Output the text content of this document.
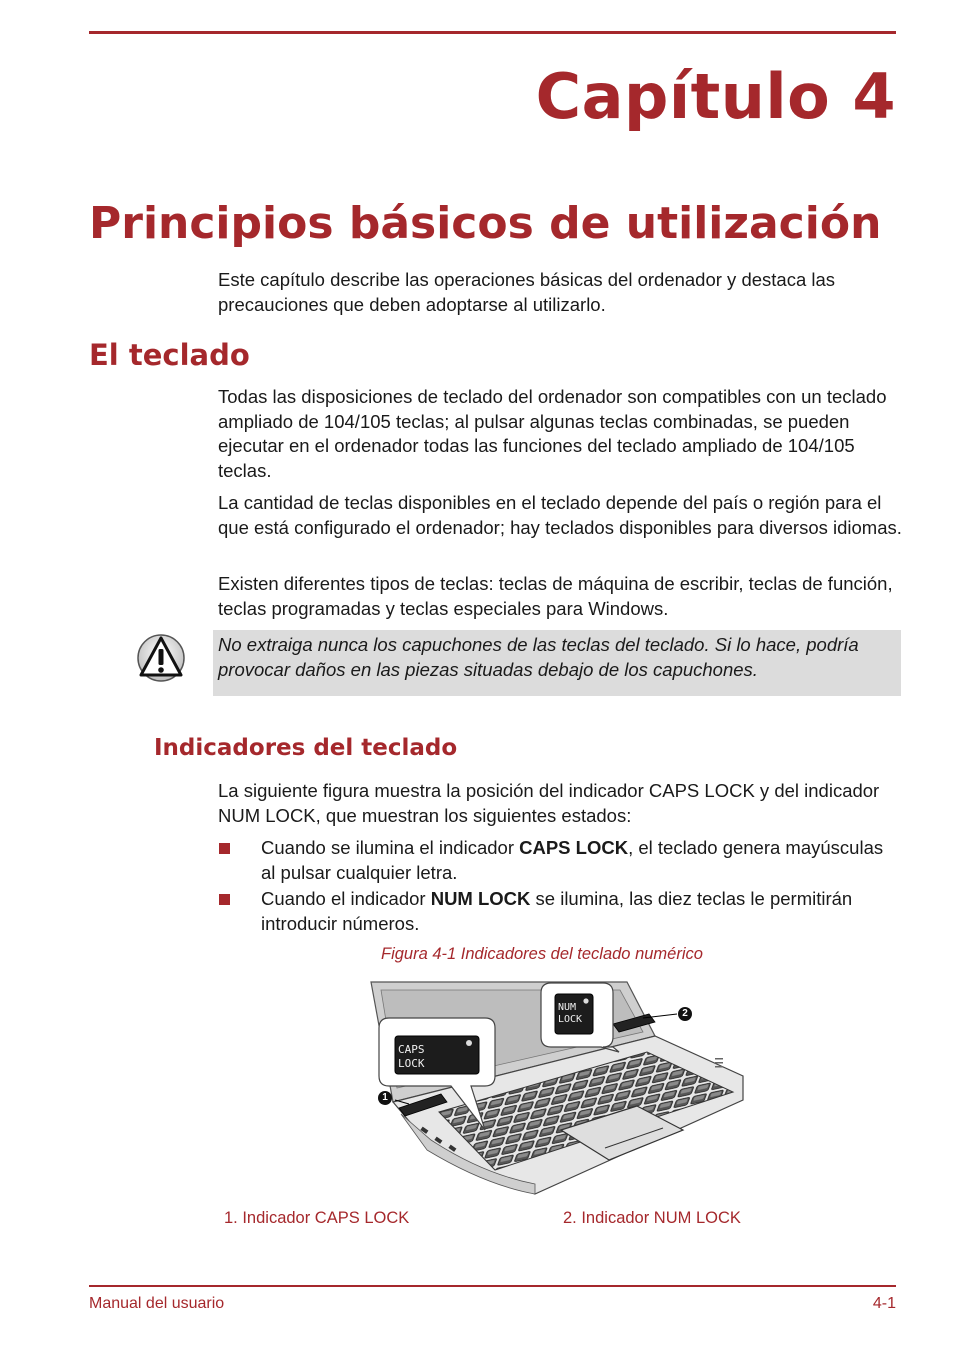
Capítulo 4
Principios básicos de utilización

Este capítulo describe las operaciones básicas del ordenador y destaca las precauciones que deben adoptarse al utilizarlo.

El teclado

Todas las disposiciones de teclado del ordenador son compatibles con un teclado ampliado de 104/105 teclas; al pulsar algunas teclas combinadas, se pueden ejecutar en el ordenador todas las funciones del teclado ampliado de 104/105 teclas.

La cantidad de teclas disponibles en el teclado depende del país o región para el que está configurado el ordenador; hay teclados disponibles para diversos idiomas.

Existen diferentes tipos de teclas: teclas de máquina de escribir, teclas de función, teclas programadas y teclas especiales para Windows.

No extraiga nunca los capuchones de las teclas del teclado. Si lo hace, podría provocar daños en las piezas situadas debajo de los capuchones.
Indicadores del teclado

La siguiente figura muestra la posición del indicador CAPS LOCK y del indicador NUM LOCK, que muestran los siguientes estados:

Cuando se ilumina el indicador CAPS LOCK, el teclado genera mayúsculas al pulsar cualquier letra.
Cuando el indicador NUM LOCK se ilumina, las diez teclas le permitirán introducir números.
Figura 4-1 Indicadores del teclado numérico
CAPS
LOCK
NUM
LOCK
1
2
1. Indicador CAPS LOCK	2. Indicador NUM LOCK
Manual del usuario	4-1
